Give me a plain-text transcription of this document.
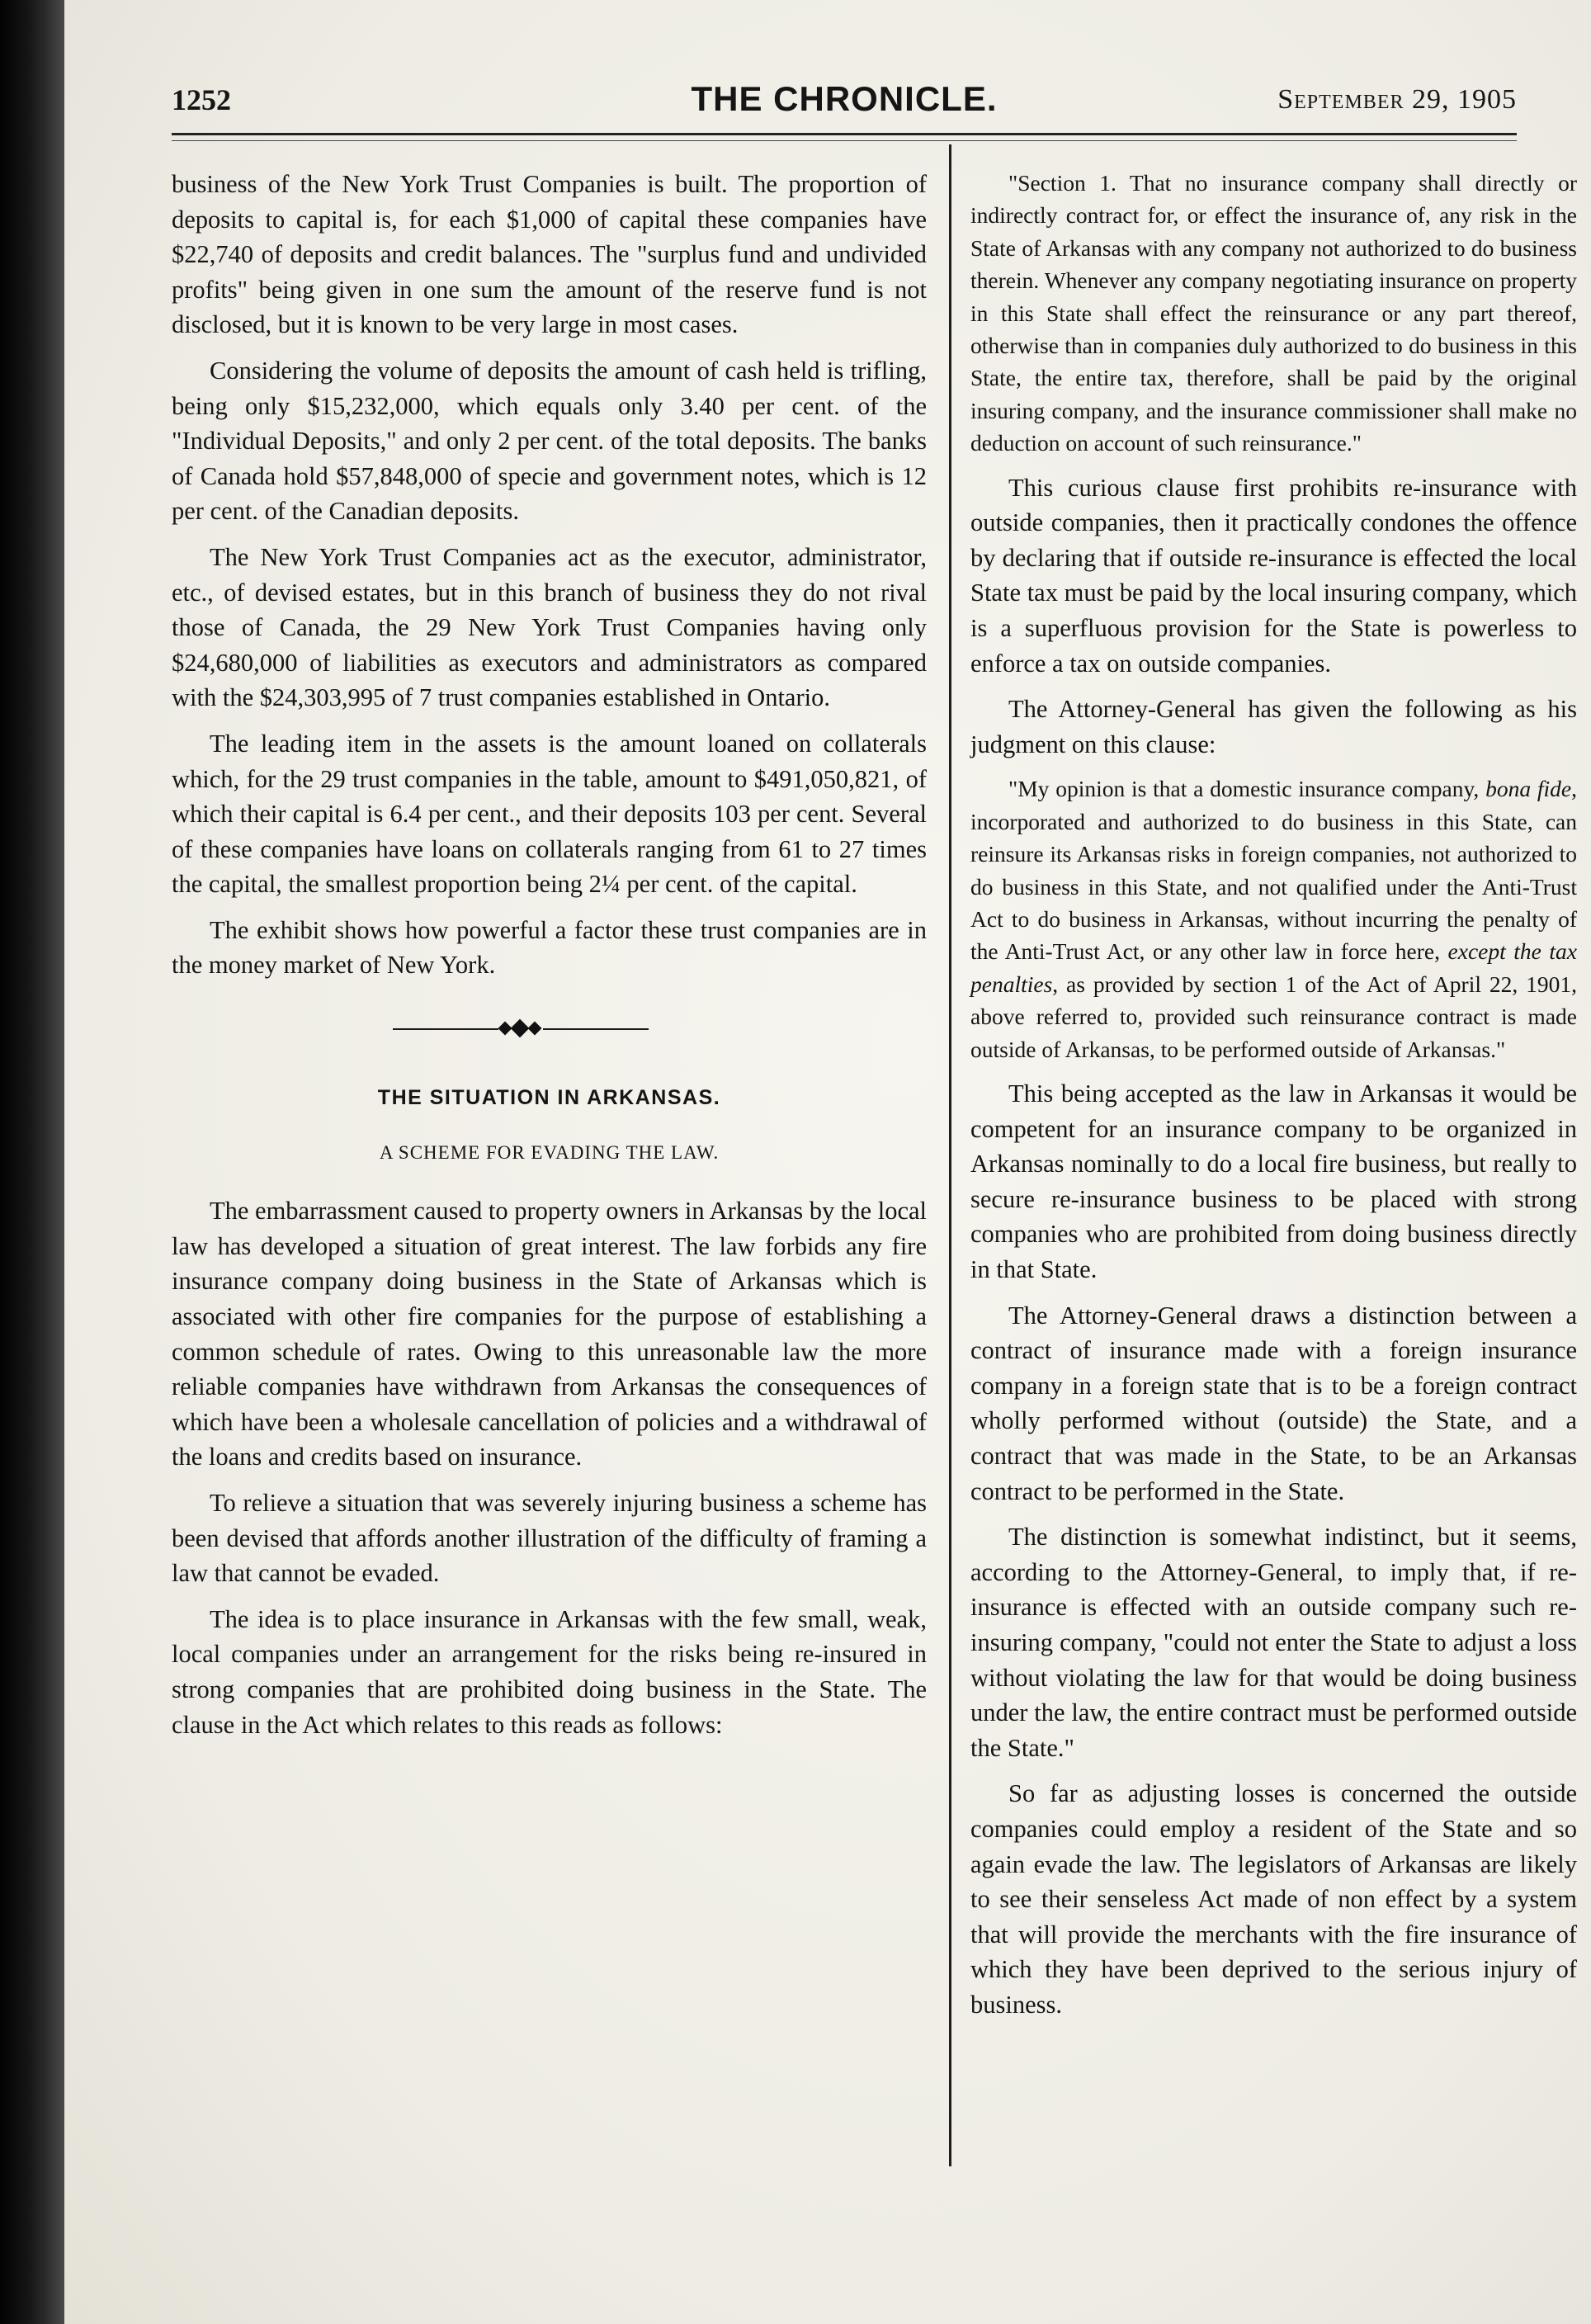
1252	THE CHRONICLE.	September 29, 1905

business of the New York Trust Companies is built. The proportion of deposits to capital is, for each $1,000 of capital these companies have $22,740 of deposits and credit balances. The "surplus fund and undivided profits" being given in one sum the amount of the reserve fund is not disclosed, but it is known to be very large in most cases.

Considering the volume of deposits the amount of cash held is trifling, being only $15,232,000, which equals only 3.40 per cent. of the "Individual Deposits," and only 2 per cent. of the total deposits. The banks of Canada hold $57,848,000 of specie and government notes, which is 12 per cent. of the Canadian deposits.

The New York Trust Companies act as the executor, administrator, etc., of devised estates, but in this branch of business they do not rival those of Canada, the 29 New York Trust Companies having only $24,680,000 of liabilities as executors and administrators as compared with the $24,303,995 of 7 trust companies established in Ontario.

The leading item in the assets is the amount loaned on collaterals which, for the 29 trust companies in the table, amount to $491,050,821, of which their capital is 6.4 per cent., and their deposits 103 per cent. Several of these companies have loans on collaterals ranging from 61 to 27 times the capital, the smallest proportion being 2¼ per cent. of the capital.

The exhibit shows how powerful a factor these trust companies are in the money market of New York.

THE SITUATION IN ARKANSAS.
A SCHEME FOR EVADING THE LAW.

The embarrassment caused to property owners in Arkansas by the local law has developed a situation of great interest. The law forbids any fire insurance company doing business in the State of Arkansas which is associated with other fire companies for the purpose of establishing a common schedule of rates. Owing to this unreasonable law the more reliable companies have withdrawn from Arkansas the consequences of which have been a wholesale cancellation of policies and a withdrawal of the loans and credits based on insurance.

To relieve a situation that was severely injuring business a scheme has been devised that affords another illustration of the difficulty of framing a law that cannot be evaded.

The idea is to place insurance in Arkansas with the few small, weak, local companies under an arrangement for the risks being re-insured in strong companies that are prohibited doing business in the State. The clause in the Act which relates to this reads as follows:

"Section 1. That no insurance company shall directly or indirectly contract for, or effect the insurance of, any risk in the State of Arkansas with any company not authorized to do business therein. Whenever any company negotiating insurance on property in this State shall effect the reinsurance or any part thereof, otherwise than in companies duly authorized to do business in this State, the entire tax, therefore, shall be paid by the original insuring company, and the insurance commissioner shall make no deduction on account of such reinsurance."

This curious clause first prohibits re-insurance with outside companies, then it practically condones the offence by declaring that if outside re-insurance is effected the local State tax must be paid by the local insuring company, which is a superfluous provision for the State is powerless to enforce a tax on outside companies.

The Attorney-General has given the following as his judgment on this clause:

"My opinion is that a domestic insurance company, bona fide, incorporated and authorized to do business in this State, can reinsure its Arkansas risks in foreign companies, not authorized to do business in this State, and not qualified under the Anti-Trust Act to do business in Arkansas, without incurring the penalty of the Anti-Trust Act, or any other law in force here, except the tax penalties, as provided by section 1 of the Act of April 22, 1901, above referred to, provided such reinsurance contract is made outside of Arkansas, to be performed outside of Arkansas."

This being accepted as the law in Arkansas it would be competent for an insurance company to be organized in Arkansas nominally to do a local fire business, but really to secure re-insurance business to be placed with strong companies who are prohibited from doing business directly in that State.

The Attorney-General draws a distinction between a contract of insurance made with a foreign insurance company in a foreign state that is to be a foreign contract wholly performed without (outside) the State, and a contract that was made in the State, to be an Arkansas contract to be performed in the State.

The distinction is somewhat indistinct, but it seems, according to the Attorney-General, to imply that, if re-insurance is effected with an outside company such re-insuring company, "could not enter the State to adjust a loss without violating the law for that would be doing business under the law, the entire contract must be performed outside the State."

So far as adjusting losses is concerned the outside companies could employ a resident of the State and so again evade the law. The legislators of Arkansas are likely to see their senseless Act made of non effect by a system that will provide the merchants with the fire insurance of which they have been deprived to the serious injury of business.
